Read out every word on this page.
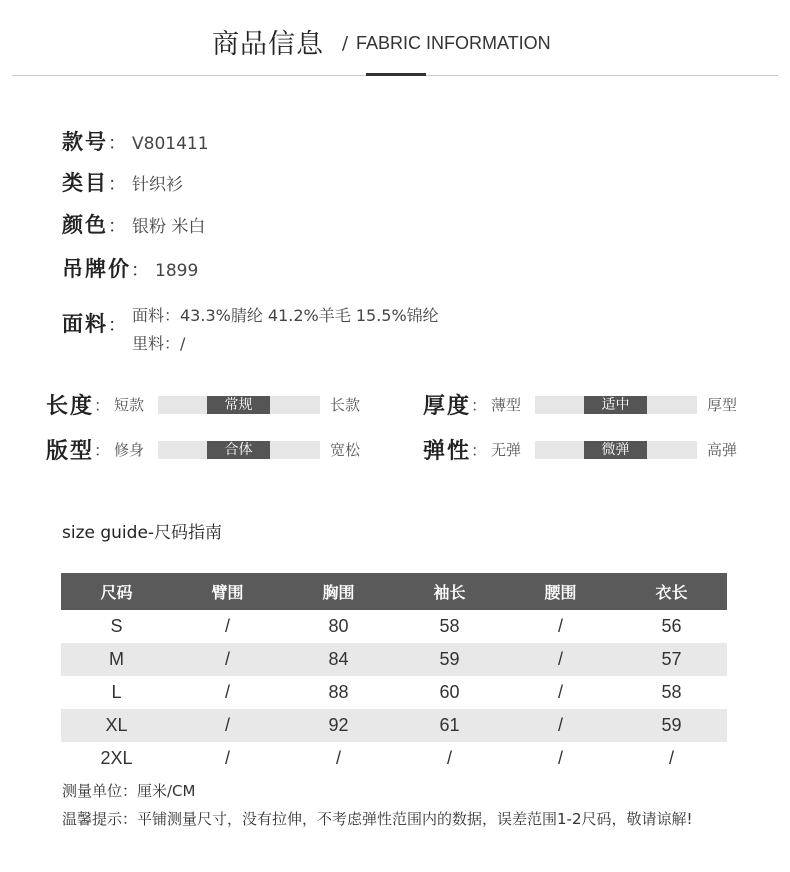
商品信息 / FABRIC INFORMATION
款号 ： V801411
类目 ： 针织衫
颜色 ： 银粉 米白
吊牌价 ： 1899
面料： 面料：43.3%腈纶 41.2%羊毛 15.5%锦纶
里料：/
长度 ： 短款	常规	长款
版型 ： 修身	合体	宽松
厚度 ： 薄型	适中	厚型
弹性 ： 无弹	微弹	高弹
size guide-尺码指南
尺码	臂围	胸围	袖长	腰围	衣长
S	/	80	58	/	56
M	/	84	59	/	57
L	/	88	60	/	58
XL	/	92	61	/	59
2XL	/	/	/	/	/
测量单位：厘米/CM
温馨提示：平铺测量尺寸，没有拉伸，不考虑弹性范围内的数据，误差范围1-2尺码，敬请谅解!
